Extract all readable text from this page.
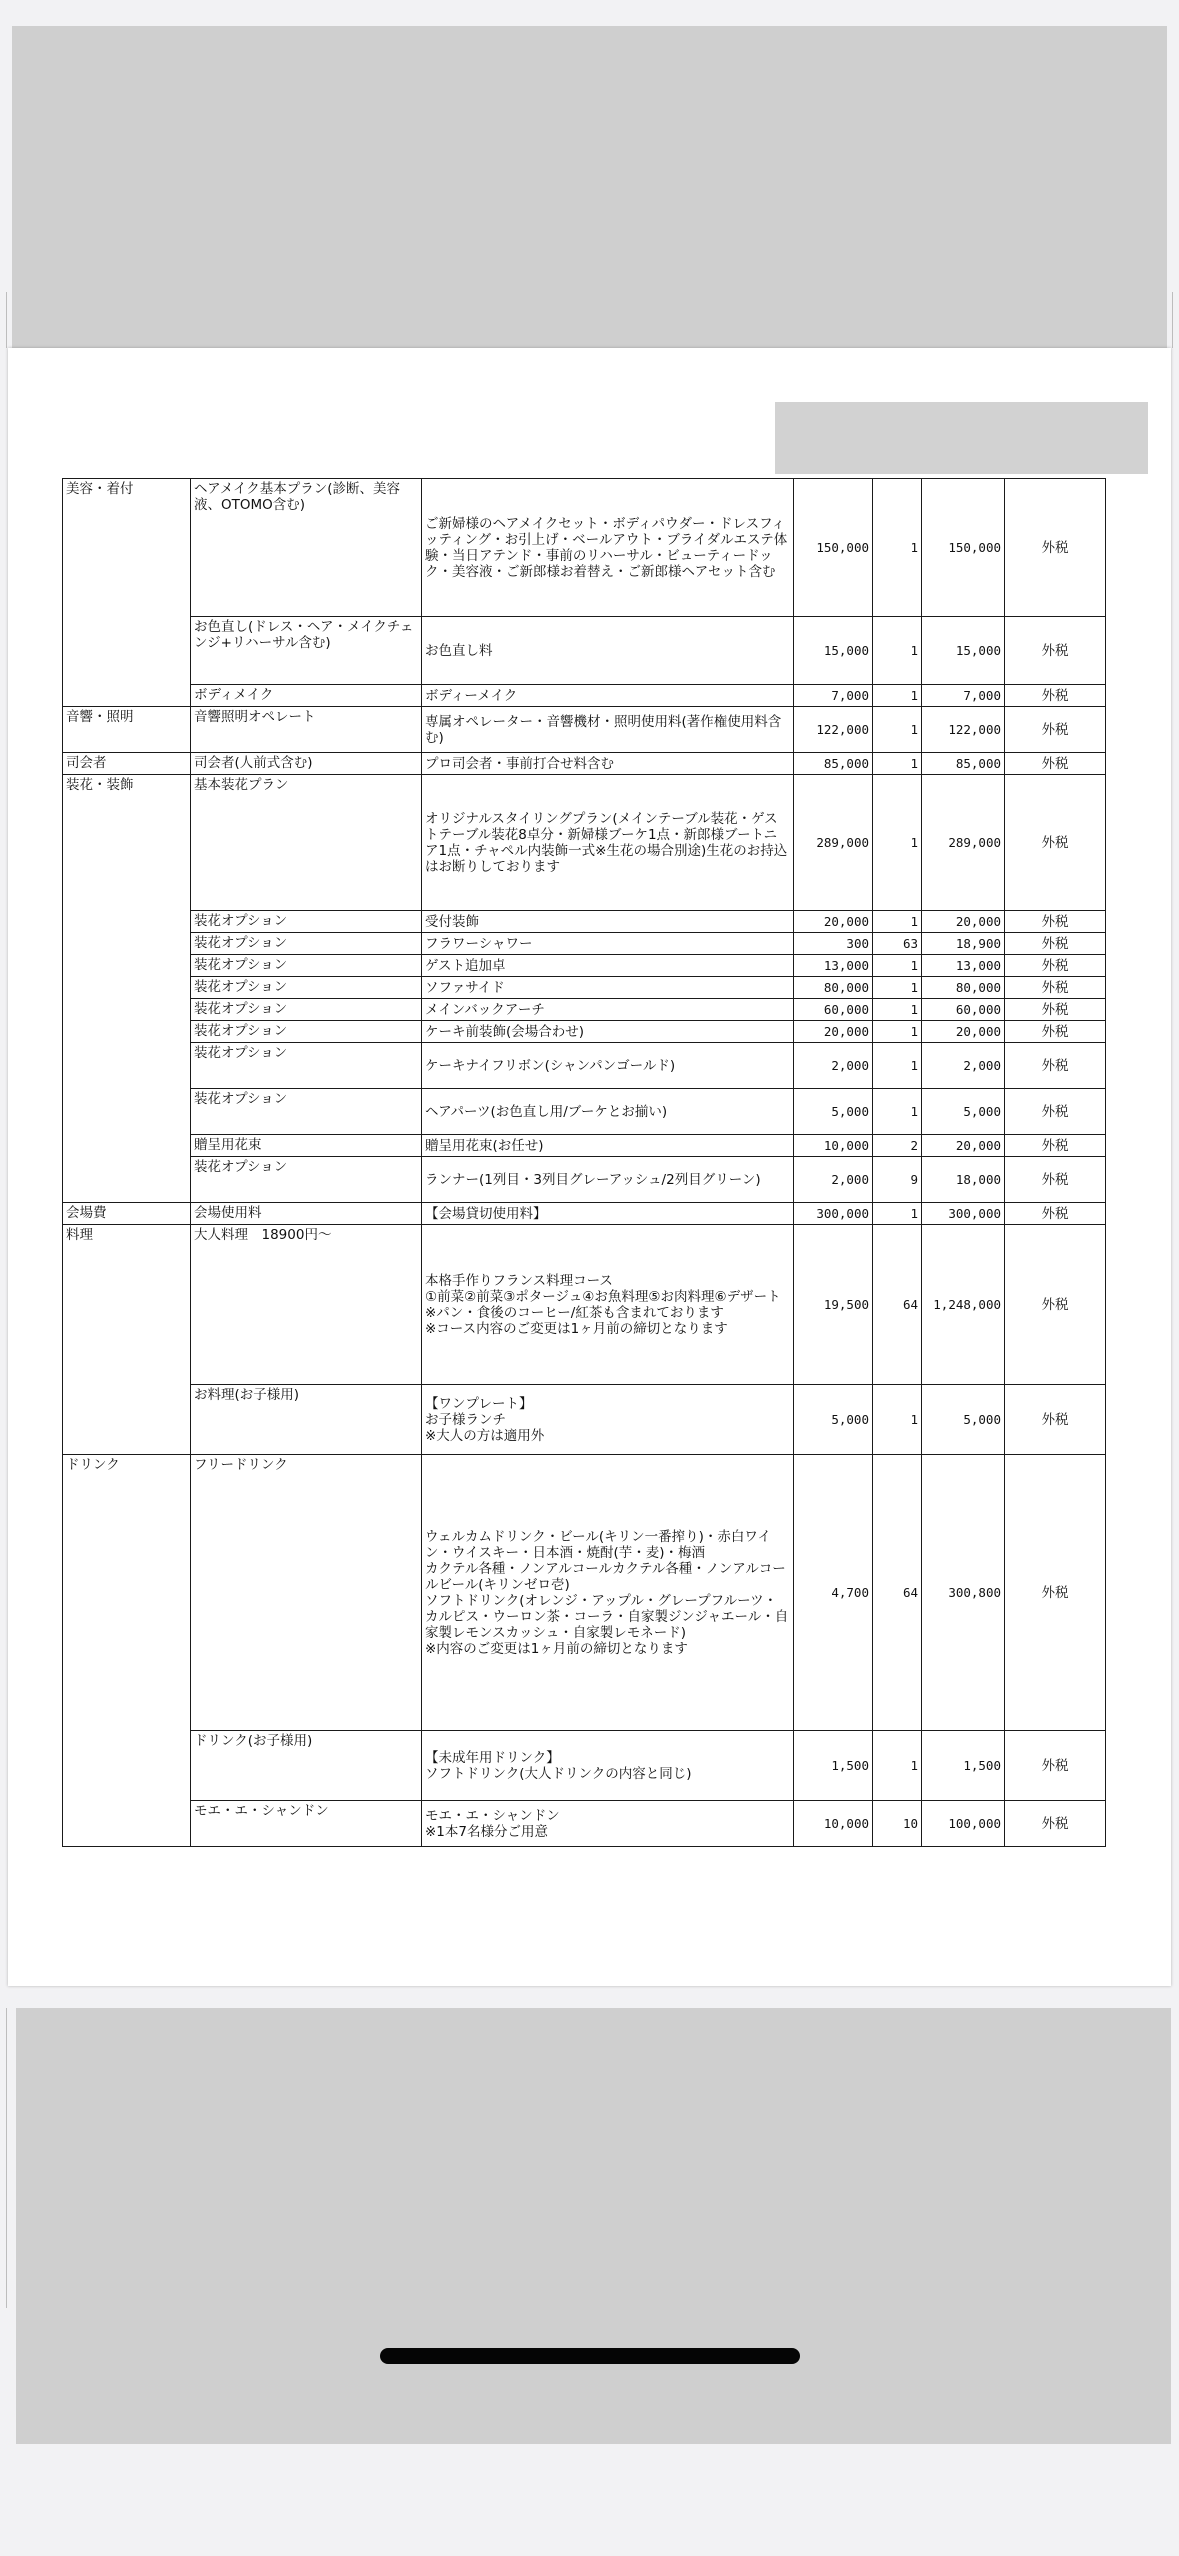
美容・着付	ヘアメイク基本プラン(診断、美容液、OTOMO含む)	ご新婦様のヘアメイクセット・ボディパウダー・ドレスフィッティング・お引上げ・ベールアウト・ブライダルエステ体験・当日アテンド・事前のリハーサル・ビューティードック・美容液・ご新郎様お着替え・ご新郎様ヘアセット含む	150,000	1	150,000	外税
	お色直し(ドレス・ヘア・メイクチェンジ+リハーサル含む)	お色直し料	15,000	1	15,000	外税
	ボディメイク	ボディーメイク	7,000	1	7,000	外税
音響・照明	音響照明オペレート	専属オペレーター・音響機材・照明使用料(著作権使用料含む)	122,000	1	122,000	外税
司会者	司会者(人前式含む)	プロ司会者・事前打合せ料含む	85,000	1	85,000	外税
装花・装飾	基本装花プラン	オリジナルスタイリングプラン(メインテーブル装花・ゲストテーブル装花8卓分・新婦様ブーケ1点・新郎様ブートニア1点・チャペル内装飾一式※生花の場合別途)生花のお持込はお断りしております	289,000	1	289,000	外税
	装花オプション	受付装飾	20,000	1	20,000	外税
	装花オプション	フラワーシャワー	300	63	18,900	外税
	装花オプション	ゲスト追加卓	13,000	1	13,000	外税
	装花オプション	ソファサイド	80,000	1	80,000	外税
	装花オプション	メインバックアーチ	60,000	1	60,000	外税
	装花オプション	ケーキ前装飾(会場合わせ)	20,000	1	20,000	外税
	装花オプション	ケーキナイフリボン(シャンパンゴールド)	2,000	1	2,000	外税
	装花オプション	ヘアパーツ(お色直し用/ブーケとお揃い)	5,000	1	5,000	外税
	贈呈用花束	贈呈用花束(お任せ)	10,000	2	20,000	外税
	装花オプション	ランナー(1列目・3列目グレーアッシュ/2列目グリーン)	2,000	9	18,000	外税
会場費	会場使用料	【会場貸切使用料】	300,000	1	300,000	外税
料理	大人料理　18900円～	本格手作りフランス料理コース
①前菜②前菜③ポタージュ④お魚料理⑤お肉料理⑥デザート
※パン・食後のコーヒー/紅茶も含まれております
※コース内容のご変更は1ヶ月前の締切となります	19,500	64	1,248,000	外税
	お料理(お子様用)	【ワンプレート】
お子様ランチ
※大人の方は適用外	5,000	1	5,000	外税
ドリンク	フリードリンク	ウェルカムドリンク・ビール(キリン一番搾り)・赤白ワイン・ウイスキー・日本酒・焼酎(芋・麦)・梅酒
カクテル各種・ノンアルコールカクテル各種・ノンアルコールビール(キリンゼロ壱)
ソフトドリンク(オレンジ・アップル・グレープフルーツ・カルピス・ウーロン茶・コーラ・自家製ジンジャエール・自家製レモンスカッシュ・自家製レモネード)
※内容のご変更は1ヶ月前の締切となります	4,700	64	300,800	外税
	ドリンク(お子様用)	【未成年用ドリンク】
ソフトドリンク(大人ドリンクの内容と同じ)	1,500	1	1,500	外税
	モエ・エ・シャンドン	モエ・エ・シャンドン
※1本7名様分ご用意	10,000	10	100,000	外税
